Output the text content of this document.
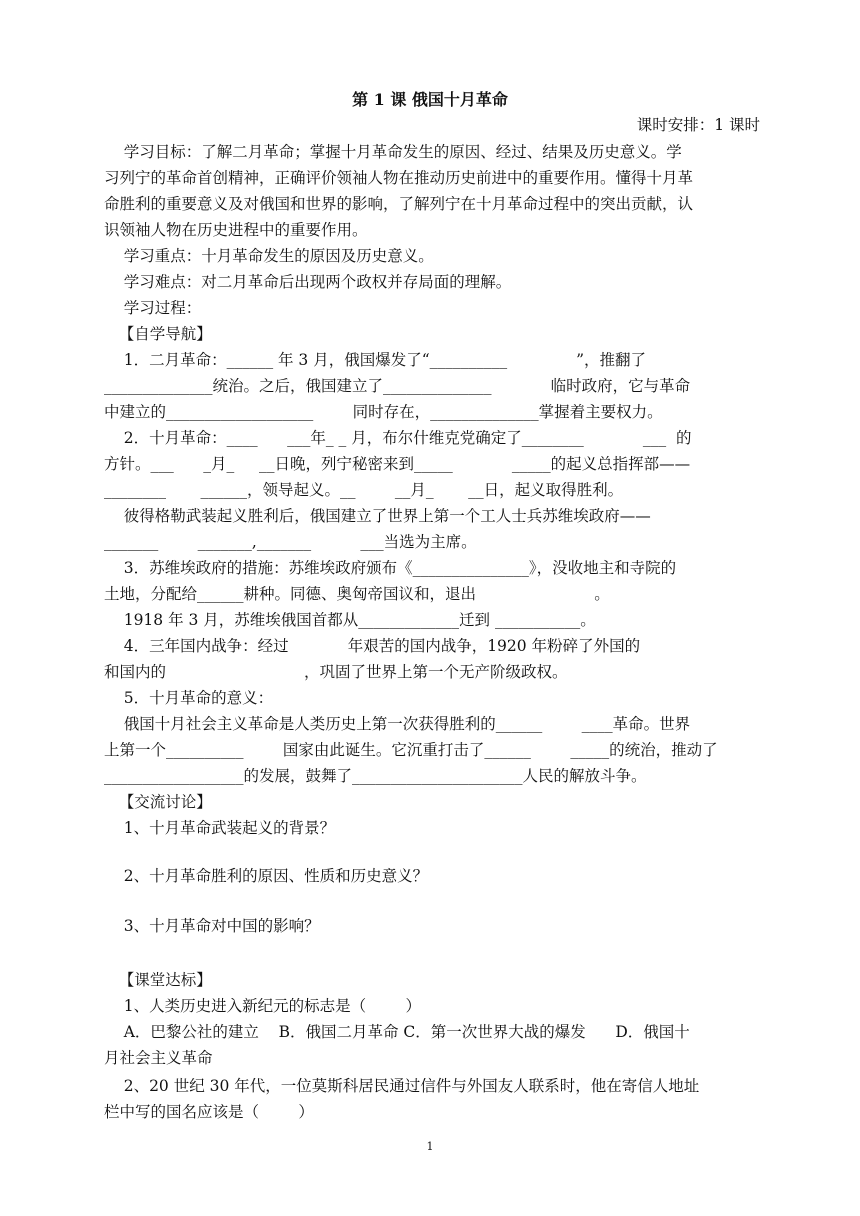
第 1 课 俄国十月革命
课时安排：1 课时
学习目标：了解二月革命；掌握十月革命发生的原因、经过、结果及历史意义。学
习列宁的革命首创精神，正确评价领袖人物在推动历史前进中的重要作用。懂得十月革
命胜利的重要意义及对俄国和世界的影响，了解列宁在十月革命过程中的突出贡献，认
识领袖人物在历史进程中的重要作用。
学习重点：十月革命发生的原因及历史意义。
学习难点：对二月革命后出现两个政权并存局面的理解。
学习过程：
【自学导航】
1．二月革命：______ 年 3 月，俄国爆发了“__________              ”，推翻了
______________统治。之后，俄国建立了______________            临时政府，它与革命
中建立的___________________        同时存在，______________掌握着主要权力。
2．十月革命：____      ___年_ _ 月，布尔什维克党确定了________            ___  的
方针。___      _月_     __日晚，列宁秘密来到_____            _____的起义总指挥部——
________       ______，领导起义。__        __月_       __日，起义取得胜利。
彼得格勒武装起义胜利后，俄国建立了世界上第一个工人士兵苏维埃政府——
_______        _______,_______          ___当选为主席。
3．苏维埃政府的措施：苏维埃政府颁布《_______________》，没收地主和寺院的
土地，分配给______耕种。同德、奥匈帝国议和，退出                        。
1918 年 3 月，苏维埃俄国首都从_____________迁到 ___________。
4．三年国内战争：经过            年艰苦的国内战争，1920 年粉碎了外国的
和国内的                            ，巩固了世界上第一个无产阶级政权。
5．十月革命的意义：
俄国十月社会主义革命是人类历史上第一次获得胜利的______        ____革命。世界
上第一个__________        国家由此诞生。它沉重打击了______        _____的统治，推动了
__________________的发展，鼓舞了______________________人民的解放斗争。
【交流讨论】
1、十月革命武装起义的背景？
2、十月革命胜利的原因、性质和历史意义？
3、十月革命对中国的影响？
【课堂达标】
1、人类历史进入新纪元的标志是（        ）
A．巴黎公社的建立    B．俄国二月革命 C．第一次世界大战的爆发      D．俄国十
月社会主义革命
2、20 世纪 30 年代，一位莫斯科居民通过信件与外国友人联系时，他在寄信人地址
栏中写的国名应该是（        ）
1
